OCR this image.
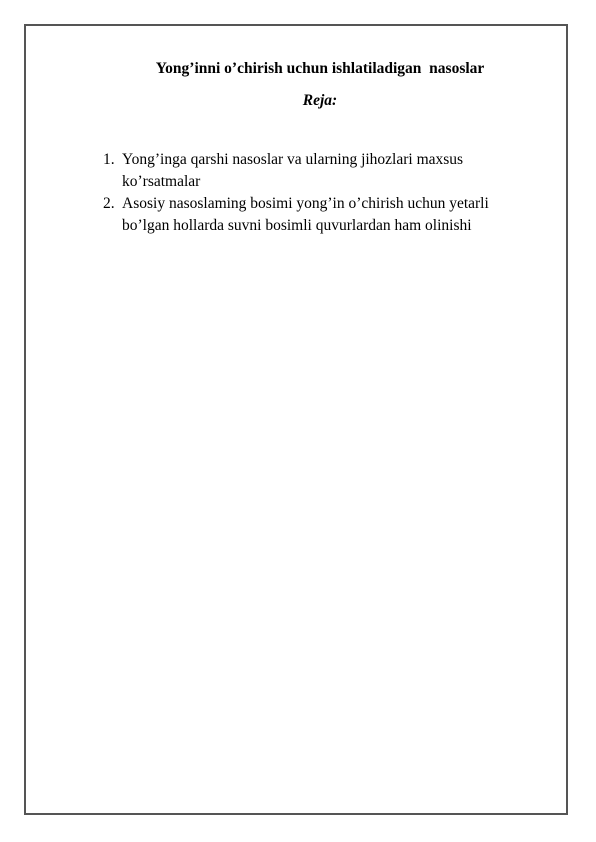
Yong’inni o’chirish uchun ishlatiladigan  nasoslar
Reja:
1. Yong’inga qarshi nasoslar va ularning jihozlari maxsus
ko’rsatmalar
2. Asosiy nasoslaming bosimi yong’in o’chirish uchun yetarli
bo’lgan hollarda suvni bosimli quvurlardan ham olinishi
